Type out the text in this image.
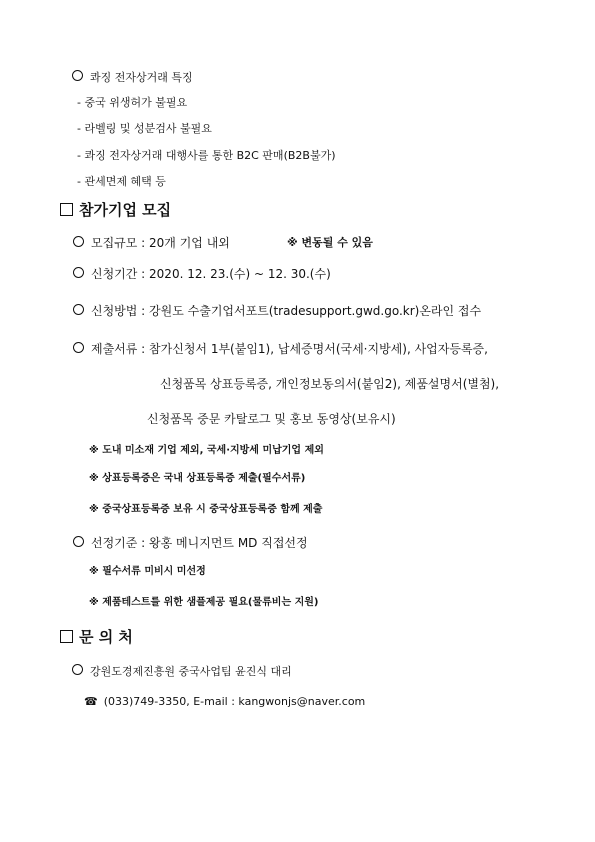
콰징 전자상거래 특징
- 중국 위생허가 불필요
- 라벨링 및 성분검사 불필요
- 콰징 전자상거래 대행사를 통한 B2C 판매(B2B불가)
- 관세면제 혜택 등
참가기업 모집
모집규모 : 20개 기업 내외	※ 변동될 수 있음
신청기간 : 2020. 12. 23.(수) ~ 12. 30.(수)
신청방법 : 강원도 수출기업서포트(tradesupport.gwd.go.kr)온라인 접수
제출서류 : 참가신청서 1부(붙임1), 납세증명서(국세·지방세), 사업자등록증,
신청품목 상표등록증, 개인정보동의서(붙임2), 제품설명서(별첨),
신청품목 중문 카탈로그 및 홍보 동영상(보유시)
※ 도내 미소재 기업 제외, 국세·지방세 미납기업 제외
※ 상표등록증은 국내 상표등록증 제출(필수서류)
※ 중국상표등록증 보유 시 중국상표등록증 함께 제출
선정기준 : 왕홍 메니지먼트 MD 직접선정
※ 필수서류 미비시 미선정
※ 제품테스트를 위한 샘플제공 필요(물류비는 지원)
문 의 처
강원도경제진흥원 중국사업팀 윤진식 대리
☎ (033)749-3350, E-mail : kangwonjs@naver.com
